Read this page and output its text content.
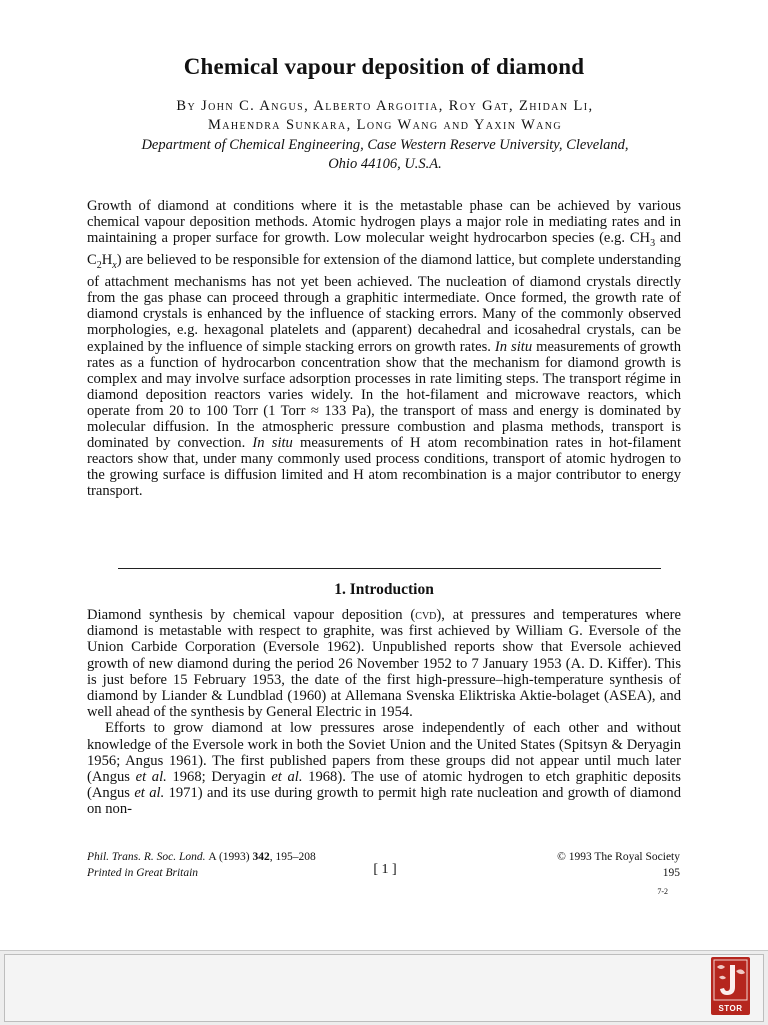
Chemical vapour deposition of diamond
By John C. Angus, Alberto Argoitia, Roy Gat, Zhidan Li,
Mahendra Sunkara, Long Wang and Yaxin Wang
Department of Chemical Engineering, Case Western Reserve University, Cleveland,
Ohio 44106, U.S.A.

Growth of diamond at conditions where it is the metastable phase can be achieved by various chemical vapour deposition methods. Atomic hydrogen plays a major role in mediating rates and in maintaining a proper surface for growth. Low molecular weight hydrocarbon species (e.g. $CH_3$ and $C_2H_x$) are believed to be responsible for extension of the diamond lattice, but complete understanding of attachment mechanisms has not yet been achieved. The nucleation of diamond crystals directly from the gas phase can proceed through a graphitic intermediate. Once formed, the growth rate of diamond crystals is enhanced by the influence of stacking errors. Many of the commonly observed morphologies, e.g. hexagonal platelets and (apparent) decahedral and icosahedral crystals, can be explained by the influence of simple stacking errors on growth rates. In situ measurements of growth rates as a function of hydrocarbon concentration show that the mechanism for diamond growth is complex and may involve surface adsorption processes in rate limiting steps. The transport régime in diamond deposition reactors varies widely. In the hot-filament and microwave reactors, which operate from 20 to 100 Torr (1 Torr ≈ 133 Pa), the transport of mass and energy is dominated by molecular diffusion. In the atmospheric pressure combustion and plasma methods, transport is dominated by convection. In situ measurements of H atom recombination rates in hot-filament reactors show that, under many commonly used process conditions, transport of atomic hydrogen to the growing surface is diffusion limited and H atom recombination is a major contributor to energy transport.

1. Introduction

Diamond synthesis by chemical vapour deposition (cvd), at pressures and temperatures where diamond is metastable with respect to graphite, was first achieved by William G. Eversole of the Union Carbide Corporation (Eversole 1962). Unpublished reports show that Eversole achieved growth of new diamond during the period 26 November 1952 to 7 January 1953 (A. D. Kiffer). This is just before 15 February 1953, the date of the first high-pressure–high-temperature synthesis of diamond by Liander & Lundblad (1960) at Allemana Svenska Eliktriska Aktie-bolaget (ASEA), and well ahead of the synthesis by General Electric in 1954.

Efforts to grow diamond at low pressures arose independently of each other and without knowledge of the Eversole work in both the Soviet Union and the United States (Spitsyn & Deryagin 1956; Angus 1961). The first published papers from these groups did not appear until much later (Angus et al. 1968; Deryagin et al. 1968). The use of atomic hydrogen to etch graphitic deposits (Angus et al. 1971) and its use during growth to permit high rate nucleation and growth of diamond on non-

Phil. Trans. R. Soc. Lond. A (1993) 342, 195–208
Printed in Great Britain	[ 1 ]
© 1993 The Royal Society
195
7-2
STOR
